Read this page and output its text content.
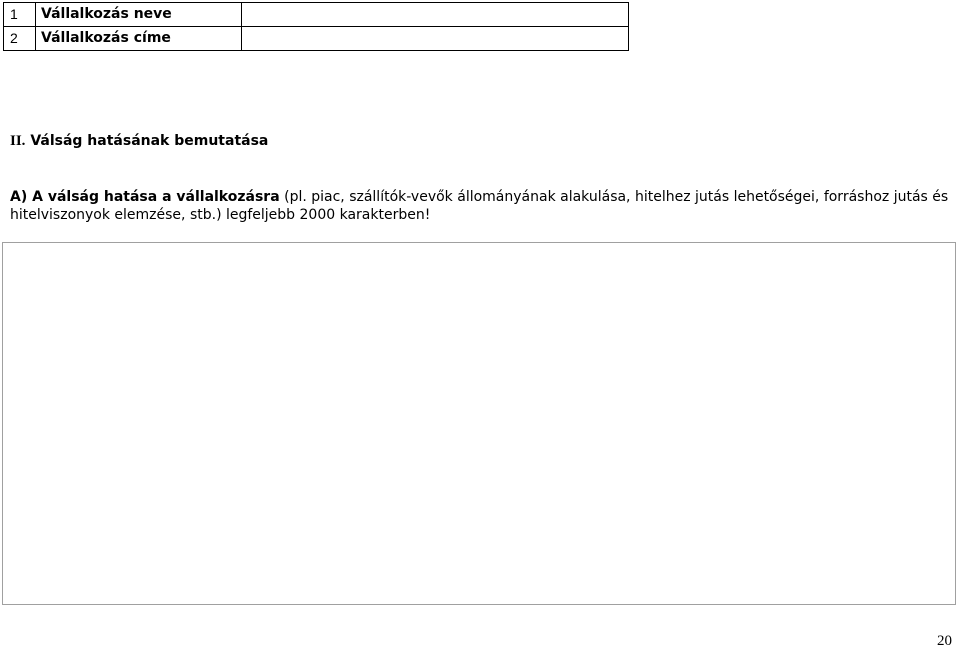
1	Vállalkozás neve	
2	Vállalkozás címe	
II. Válság hatásának bemutatása

A) A válság hatása a vállalkozásra (pl. piac, szállítók-vevők állományának alakulása, hitelhez jutás lehetőségei, forráshoz jutás és hitelviszonyok elemzése, stb.) legfeljebb 2000 karakterben!

20
